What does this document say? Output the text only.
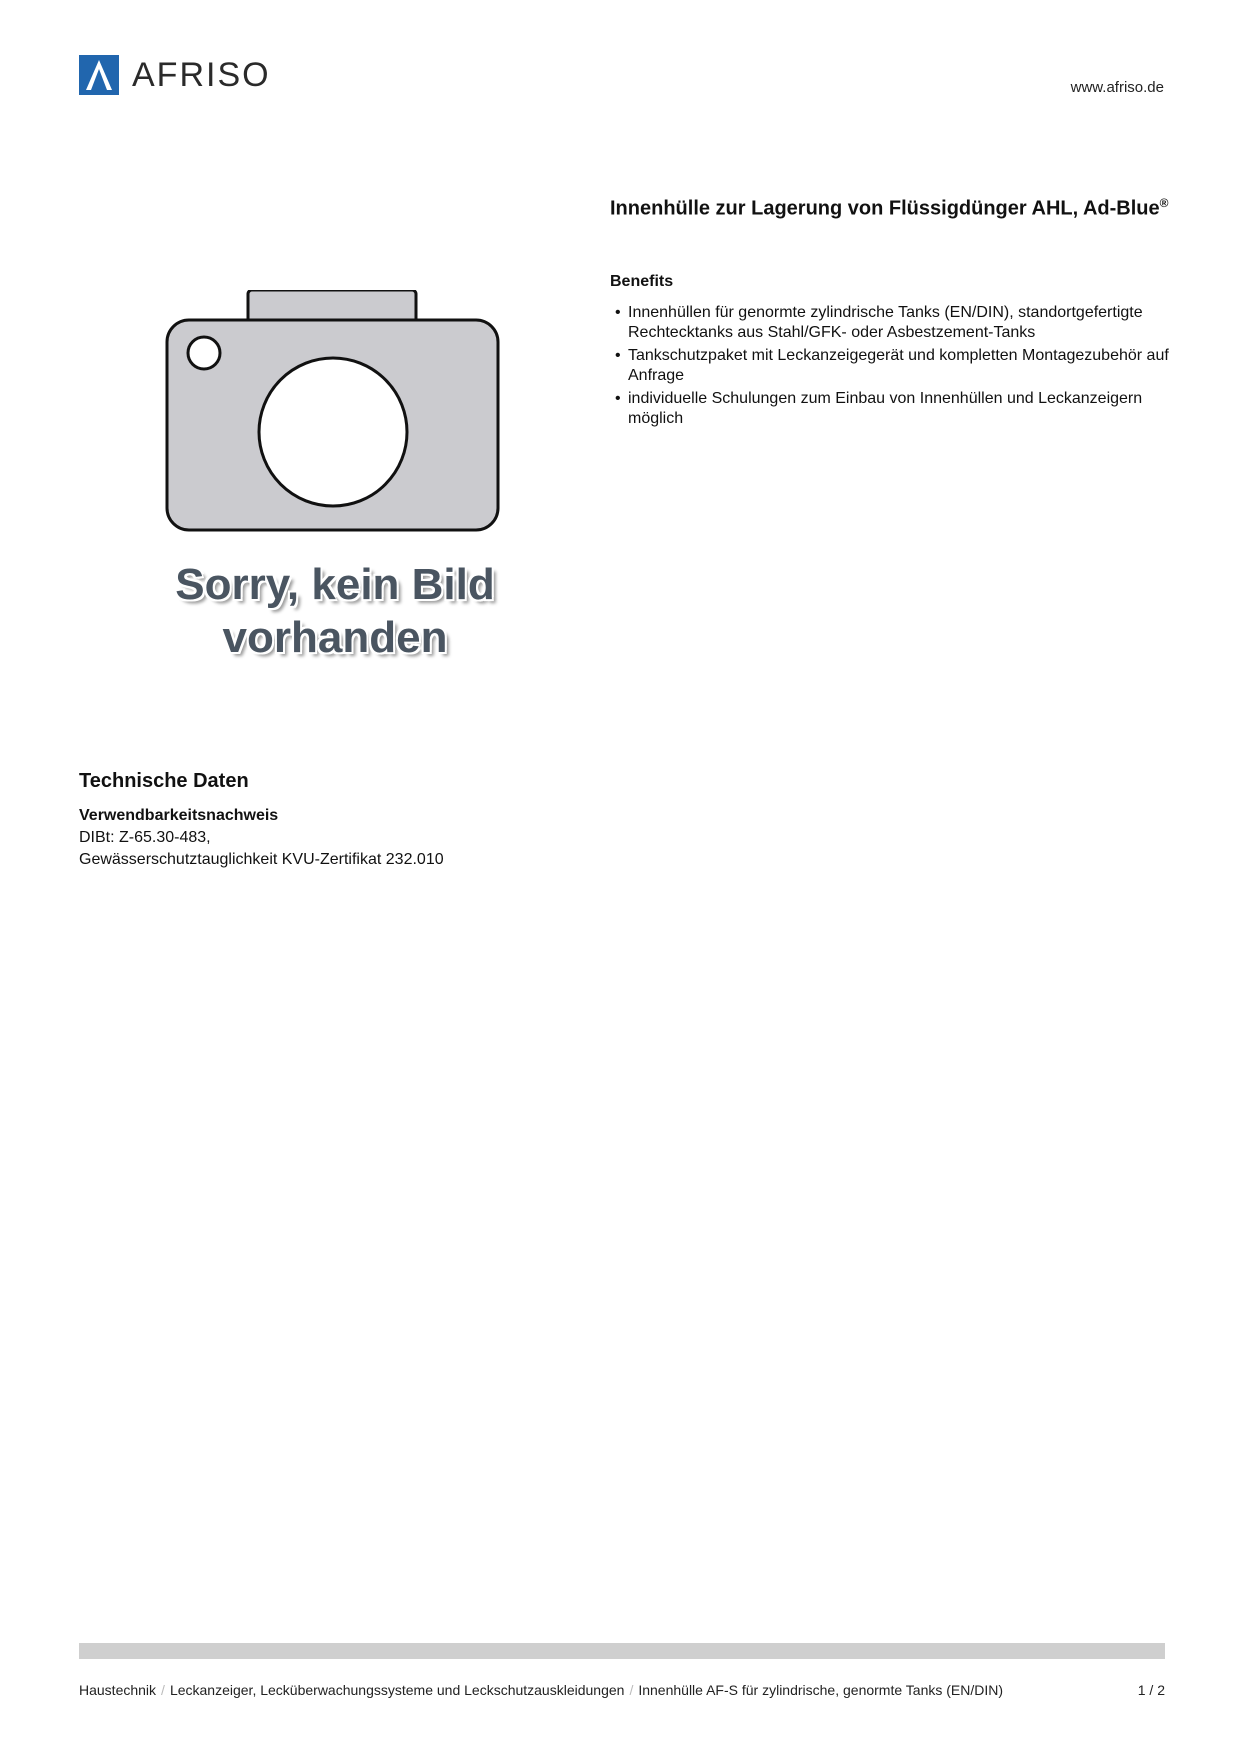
AFRISO	www.afriso.de
Sorry, kein Bild
vorhanden
Innenhülle zur Lagerung von Flüssigdünger AHL, Ad-Blue®
Benefits
• Innenhüllen für genormte zylindrische Tanks (EN/DIN), standortgefertigte Rechtecktanks aus Stahl/GFK- oder Asbestzement-Tanks
• Tankschutzpaket mit Leckanzeigegerät und kompletten Montagezubehör auf Anfrage
• individuelle Schulungen zum Einbau von Innenhüllen und Leckanzeigern möglich
Technische Daten
Verwendbarkeitsnachweis

DIBt: Z-65.30-483,

Gewässerschutztauglichkeit KVU-Zertifikat 232.010

Haustechnik / Leckanzeiger, Lecküberwachungssysteme und Leckschutzauskleidungen / Innenhülle AF-S für zylindrische, genormte Tanks (EN/DIN)	1 / 2
